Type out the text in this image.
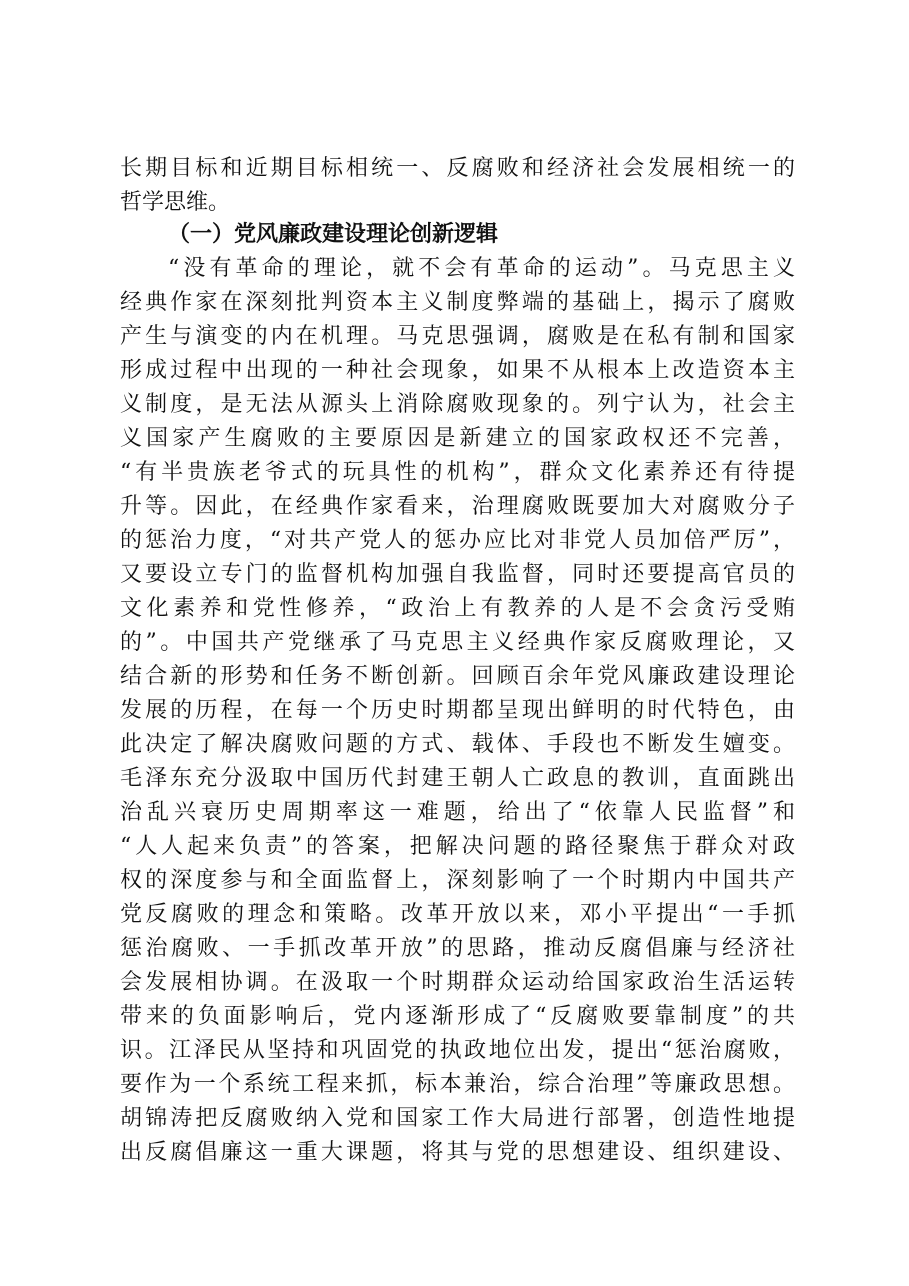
长期目标和近期目标相统一、反腐败和经济社会发展相统一的
哲学思维。
（一）党风廉政建设理论创新逻辑
“没有革命的理论，就不会有革命的运动”。马克思主义
经典作家在深刻批判资本主义制度弊端的基础上，揭示了腐败
产生与演变的内在机理。马克思强调，腐败是在私有制和国家
形成过程中出现的一种社会现象，如果不从根本上改造资本主
义制度，是无法从源头上消除腐败现象的。列宁认为，社会主
义国家产生腐败的主要原因是新建立的国家政权还不完善，
“有半贵族老爷式的玩具性的机构”，群众文化素养还有待提
升等。因此，在经典作家看来，治理腐败既要加大对腐败分子
的惩治力度，“对共产党人的惩办应比对非党人员加倍严厉”，
又要设立专门的监督机构加强自我监督，同时还要提高官员的
文化素养和党性修养，“政治上有教养的人是不会贪污受贿
的”。中国共产党继承了马克思主义经典作家反腐败理论，又
结合新的形势和任务不断创新。回顾百余年党风廉政建设理论
发展的历程，在每一个历史时期都呈现出鲜明的时代特色，由
此决定了解决腐败问题的方式、载体、手段也不断发生嬗变。
毛泽东充分汲取中国历代封建王朝人亡政息的教训，直面跳出
治乱兴衰历史周期率这一难题，给出了“依靠人民监督”和
“人人起来负责”的答案，把解决问题的路径聚焦于群众对政
权的深度参与和全面监督上，深刻影响了一个时期内中国共产
党反腐败的理念和策略。改革开放以来，邓小平提出“一手抓
惩治腐败、一手抓改革开放”的思路，推动反腐倡廉与经济社
会发展相协调。在汲取一个时期群众运动给国家政治生活运转
带来的负面影响后，党内逐渐形成了“反腐败要靠制度”的共
识。江泽民从坚持和巩固党的执政地位出发，提出“惩治腐败，
要作为一个系统工程来抓，标本兼治，综合治理”等廉政思想。
胡锦涛把反腐败纳入党和国家工作大局进行部署，创造性地提
出反腐倡廉这一重大课题，将其与党的思想建设、组织建设、
